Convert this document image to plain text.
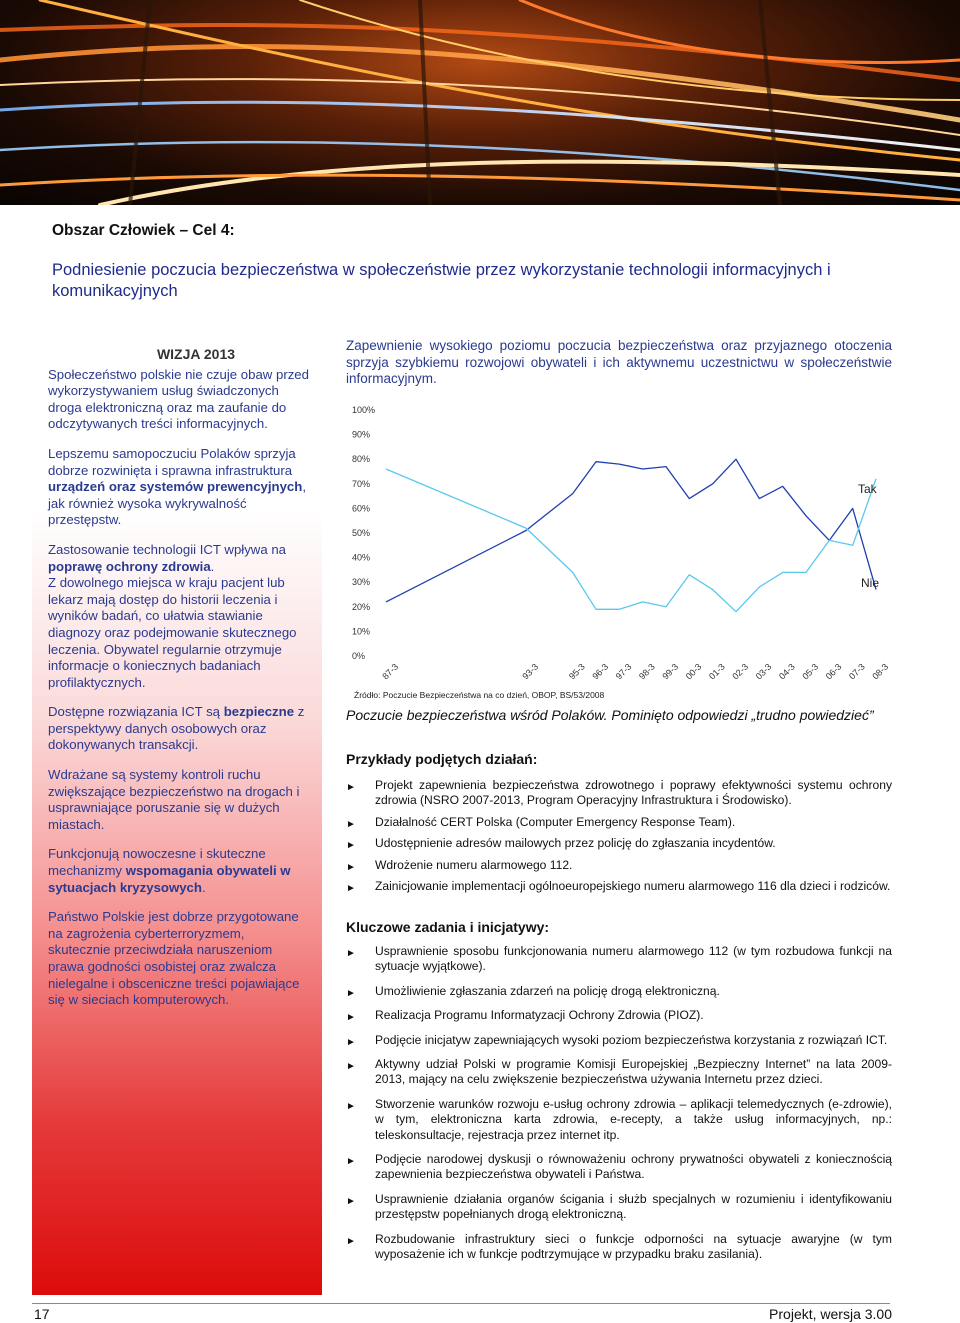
Obszar Człowiek – Cel 4:
Podniesienie poczucia bezpieczeństwa w społeczeństwie przez wykorzystanie technologii informacyjnych i komunikacyjnych
WIZJA 2013

Społeczeństwo polskie nie czuje obaw przed wykorzystywaniem usług świadczonych droga elektroniczną oraz ma zaufanie do odczytywanych treści informacyjnych.

Lepszemu samopoczuciu Polaków sprzyja dobrze rozwinięta i sprawna infrastruktura urządzeń oraz systemów prewencyjnych, jak również wysoka wykrywalność przestępstw.

Zastosowanie technologii ICT wpływa na poprawę ochrony zdrowia.

Z dowolnego miejsca w kraju pacjent lub lekarz mają dostęp do historii leczenia i wyników badań, co ułatwia stawianie diagnozy oraz podejmowanie skutecznego leczenia. Obywatel regularnie otrzymuje informacje o koniecznych badaniach profilaktycznych.

Dostępne rozwiązania ICT są bezpieczne z perspektywy danych osobowych oraz dokonywanych transakcji.

Wdrażane są systemy kontroli ruchu zwiększające bezpieczeństwo na drogach i usprawniające poruszanie się w dużych miastach.

Funkcjonują nowoczesne i skuteczne mechanizmy wspomagania obywateli w sytuacjach kryzysowych.

Państwo Polskie jest dobrze przygotowane na zagrożenia cyberterroryzmem, skutecznie przeciwdziała naruszeniom prawa godności osobistej oraz zwalcza nielegalne i obsceniczne treści pojawiające się w sieciach komputerowych.

Zapewnienie wysokiego poziomu poczucia bezpieczeństwa oraz przyjaznego otoczenia sprzyja szybkiemu rozwojowi obywateli i ich aktywnemu uczestnictwu w społeczeństwie informacyjnym.
0%
10%
20%
30%
40%
50%
60%
70%
80%
90%
100%
87-3	93-3	95-3 96-3 97-3 98-3 99-3 00-3 01-3 02-3 03-3 04-3 05-3 06-3 07-3 08-3
Tak
Nie
Źródło: Poczucie Bezpieczeństwa na co dzień, OBOP, BS/53/2008
Poczucie bezpieczeństwa wśród Polaków. Pominięto odpowiedzi „trudno powiedzieć”
Przykłady podjętych działań:
► Projekt zapewnienia bezpieczeństwa zdrowotnego i poprawy efektywności systemu ochrony zdrowia (NSRO 2007-2013, Program Operacyjny Infrastruktura i Środowisko).
► Działalność CERT Polska (Computer Emergency Response Team).
► Udostępnienie adresów mailowych przez policję do zgłaszania incydentów.
► Wdrożenie numeru alarmowego 112.
► Zainicjowanie implementacji ogólnoeuropejskiego numeru alarmowego 116 dla dzieci i rodziców.
Kluczowe zadania i inicjatywy:
► Usprawnienie sposobu funkcjonowania numeru alarmowego 112 (w tym rozbudowa funkcji na sytuacje wyjątkowe).
► Umożliwienie zgłaszania zdarzeń na policję drogą elektroniczną.
► Realizacja Programu Informatyzacji Ochrony Zdrowia (PIOZ).
► Podjęcie inicjatyw zapewniających wysoki poziom bezpieczeństwa korzystania z rozwiązań ICT.
► Aktywny udział Polski w programie Komisji Europejskiej „Bezpieczny Internet” na lata 2009-2013, mający na celu zwiększenie bezpieczeństwa używania Internetu przez dzieci.
► Stworzenie warunków rozwoju e-usług ochrony zdrowia – aplikacji telemedycznych (e-zdrowie), w tym, elektroniczna karta zdrowia, e-recepty, a także usług informacyjnych, np.: teleskonsultacje, rejestracja przez internet itp.
► Podjęcie narodowej dyskusji o równoważeniu ochrony prywatności obywateli z koniecznością zapewnienia bezpieczeństwa obywateli i Państwa.
► Usprawnienie działania organów ścigania i służb specjalnych w rozumieniu i identyfikowaniu przestępstw popełnianych drogą elektroniczną.
► Rozbudowanie infrastruktury sieci o funkcje odporności na sytuacje awaryjne (w tym wyposażenie ich w funkcje podtrzymujące w przypadku braku zasilania).
17	Projekt, wersja 3.00
